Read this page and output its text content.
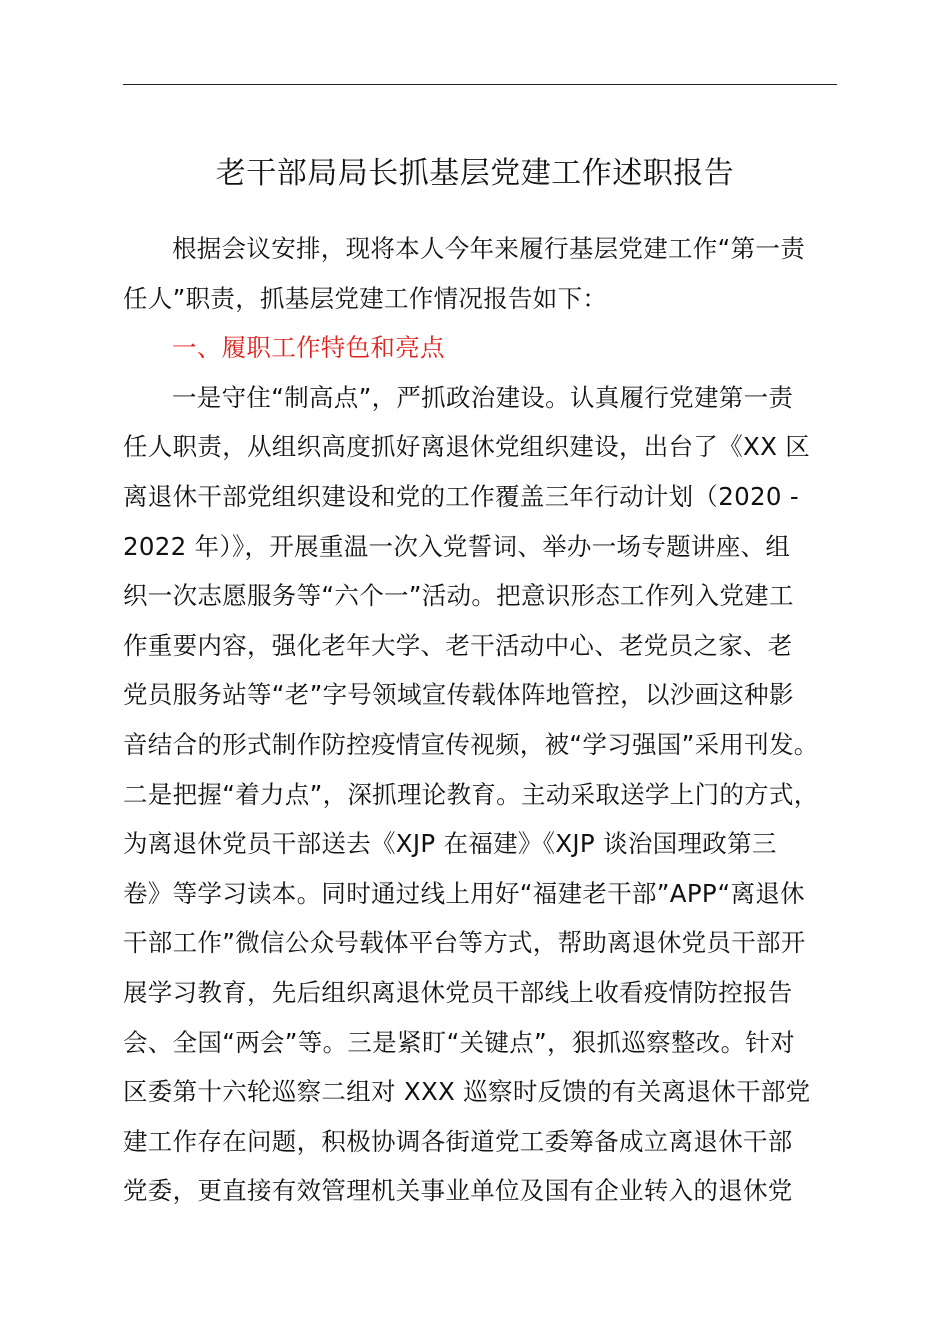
老干部局局长抓基层党建工作述职报告
根据会议安排，现将本人今年来履行基层党建工作“第一责
任人”职责，抓基层党建工作情况报告如下：
一、履职工作特色和亮点
一是守住“制高点”，严抓政治建设。认真履行党建第一责
任人职责，从组织高度抓好离退休党组织建设，出台了《XX 区
离退休干部党组织建设和党的工作覆盖三年行动计划（2020 -
2022 年）》，开展重温一次入党誓词、举办一场专题讲座、组
织一次志愿服务等“六个一”活动。把意识形态工作列入党建工
作重要内容，强化老年大学、老干活动中心、老党员之家、老
党员服务站等“老”字号领域宣传载体阵地管控，以沙画这种影
音结合的形式制作防控疫情宣传视频，被“学习强国”采用刊发。
二是把握“着力点”，深抓理论教育。主动采取送学上门的方式，
为离退休党员干部送去《XJP 在福建》《XJP 谈治国理政第三
卷》等学习读本。同时通过线上用好“福建老干部”APP“离退休
干部工作”微信公众号载体平台等方式，帮助离退休党员干部开
展学习教育，先后组织离退休党员干部线上收看疫情防控报告
会、全国“两会”等。三是紧盯“关键点”，狠抓巡察整改。针对
区委第十六轮巡察二组对 XXX 巡察时反馈的有关离退休干部党
建工作存在问题，积极协调各街道党工委筹备成立离退休干部
党委，更直接有效管理机关事业单位及国有企业转入的退休党
